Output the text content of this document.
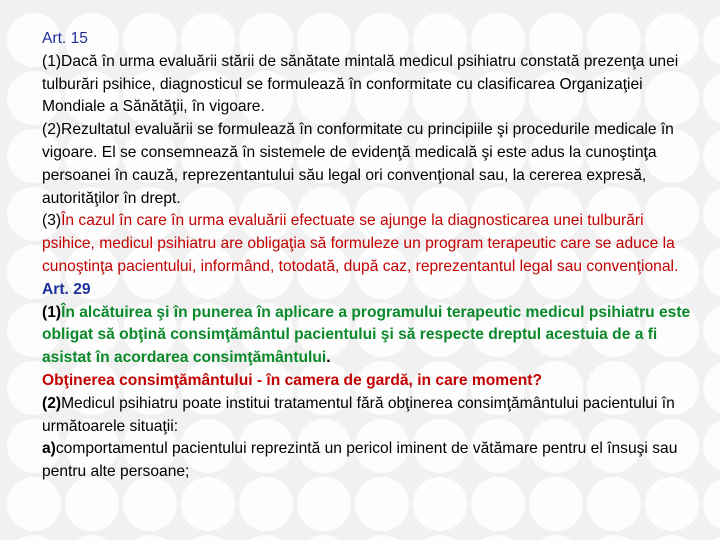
Art. 15

(1)Dacă în urma evaluării stării de sănătate mintală medicul psihiatru constată prezenţa unei tulburări psihice, diagnosticul se formulează în conformitate cu clasificarea Organizaţiei Mondiale a Sănătăţii, în vigoare.

(2)Rezultatul evaluării se formulează în conformitate cu principiile şi procedurile medicale în vigoare. El se consemnează în sistemele de evidenţă medicală şi este adus la cunoştinţa persoanei în cauză, reprezentantului său legal ori convenţional sau, la cererea expresă, autorităţilor în drept.

(3)În cazul în care în urma evaluării efectuate se ajunge la diagnosticarea unei tulburări psihice, medicul psihiatru are obligaţia să formuleze un program terapeutic care se aduce la cunoştinţa pacientului, informând, totodată, după caz, reprezentantul legal sau convenţional.

Art. 29

(1)În alcătuirea şi în punerea în aplicare a programului terapeutic medicul psihiatru este obligat să obţină consimţământul pacientului şi să respecte dreptul acestuia de a fi asistat în acordarea consimţământului.

Obţinerea consimţământului - în camera de gardă, in care moment?

(2)Medicul psihiatru poate institui tratamentul fără obţinerea consimţământului pacientului în următoarele situaţii:

a)comportamentul pacientului reprezintă un pericol iminent de vătămare pentru el însuşi sau pentru alte persoane;
